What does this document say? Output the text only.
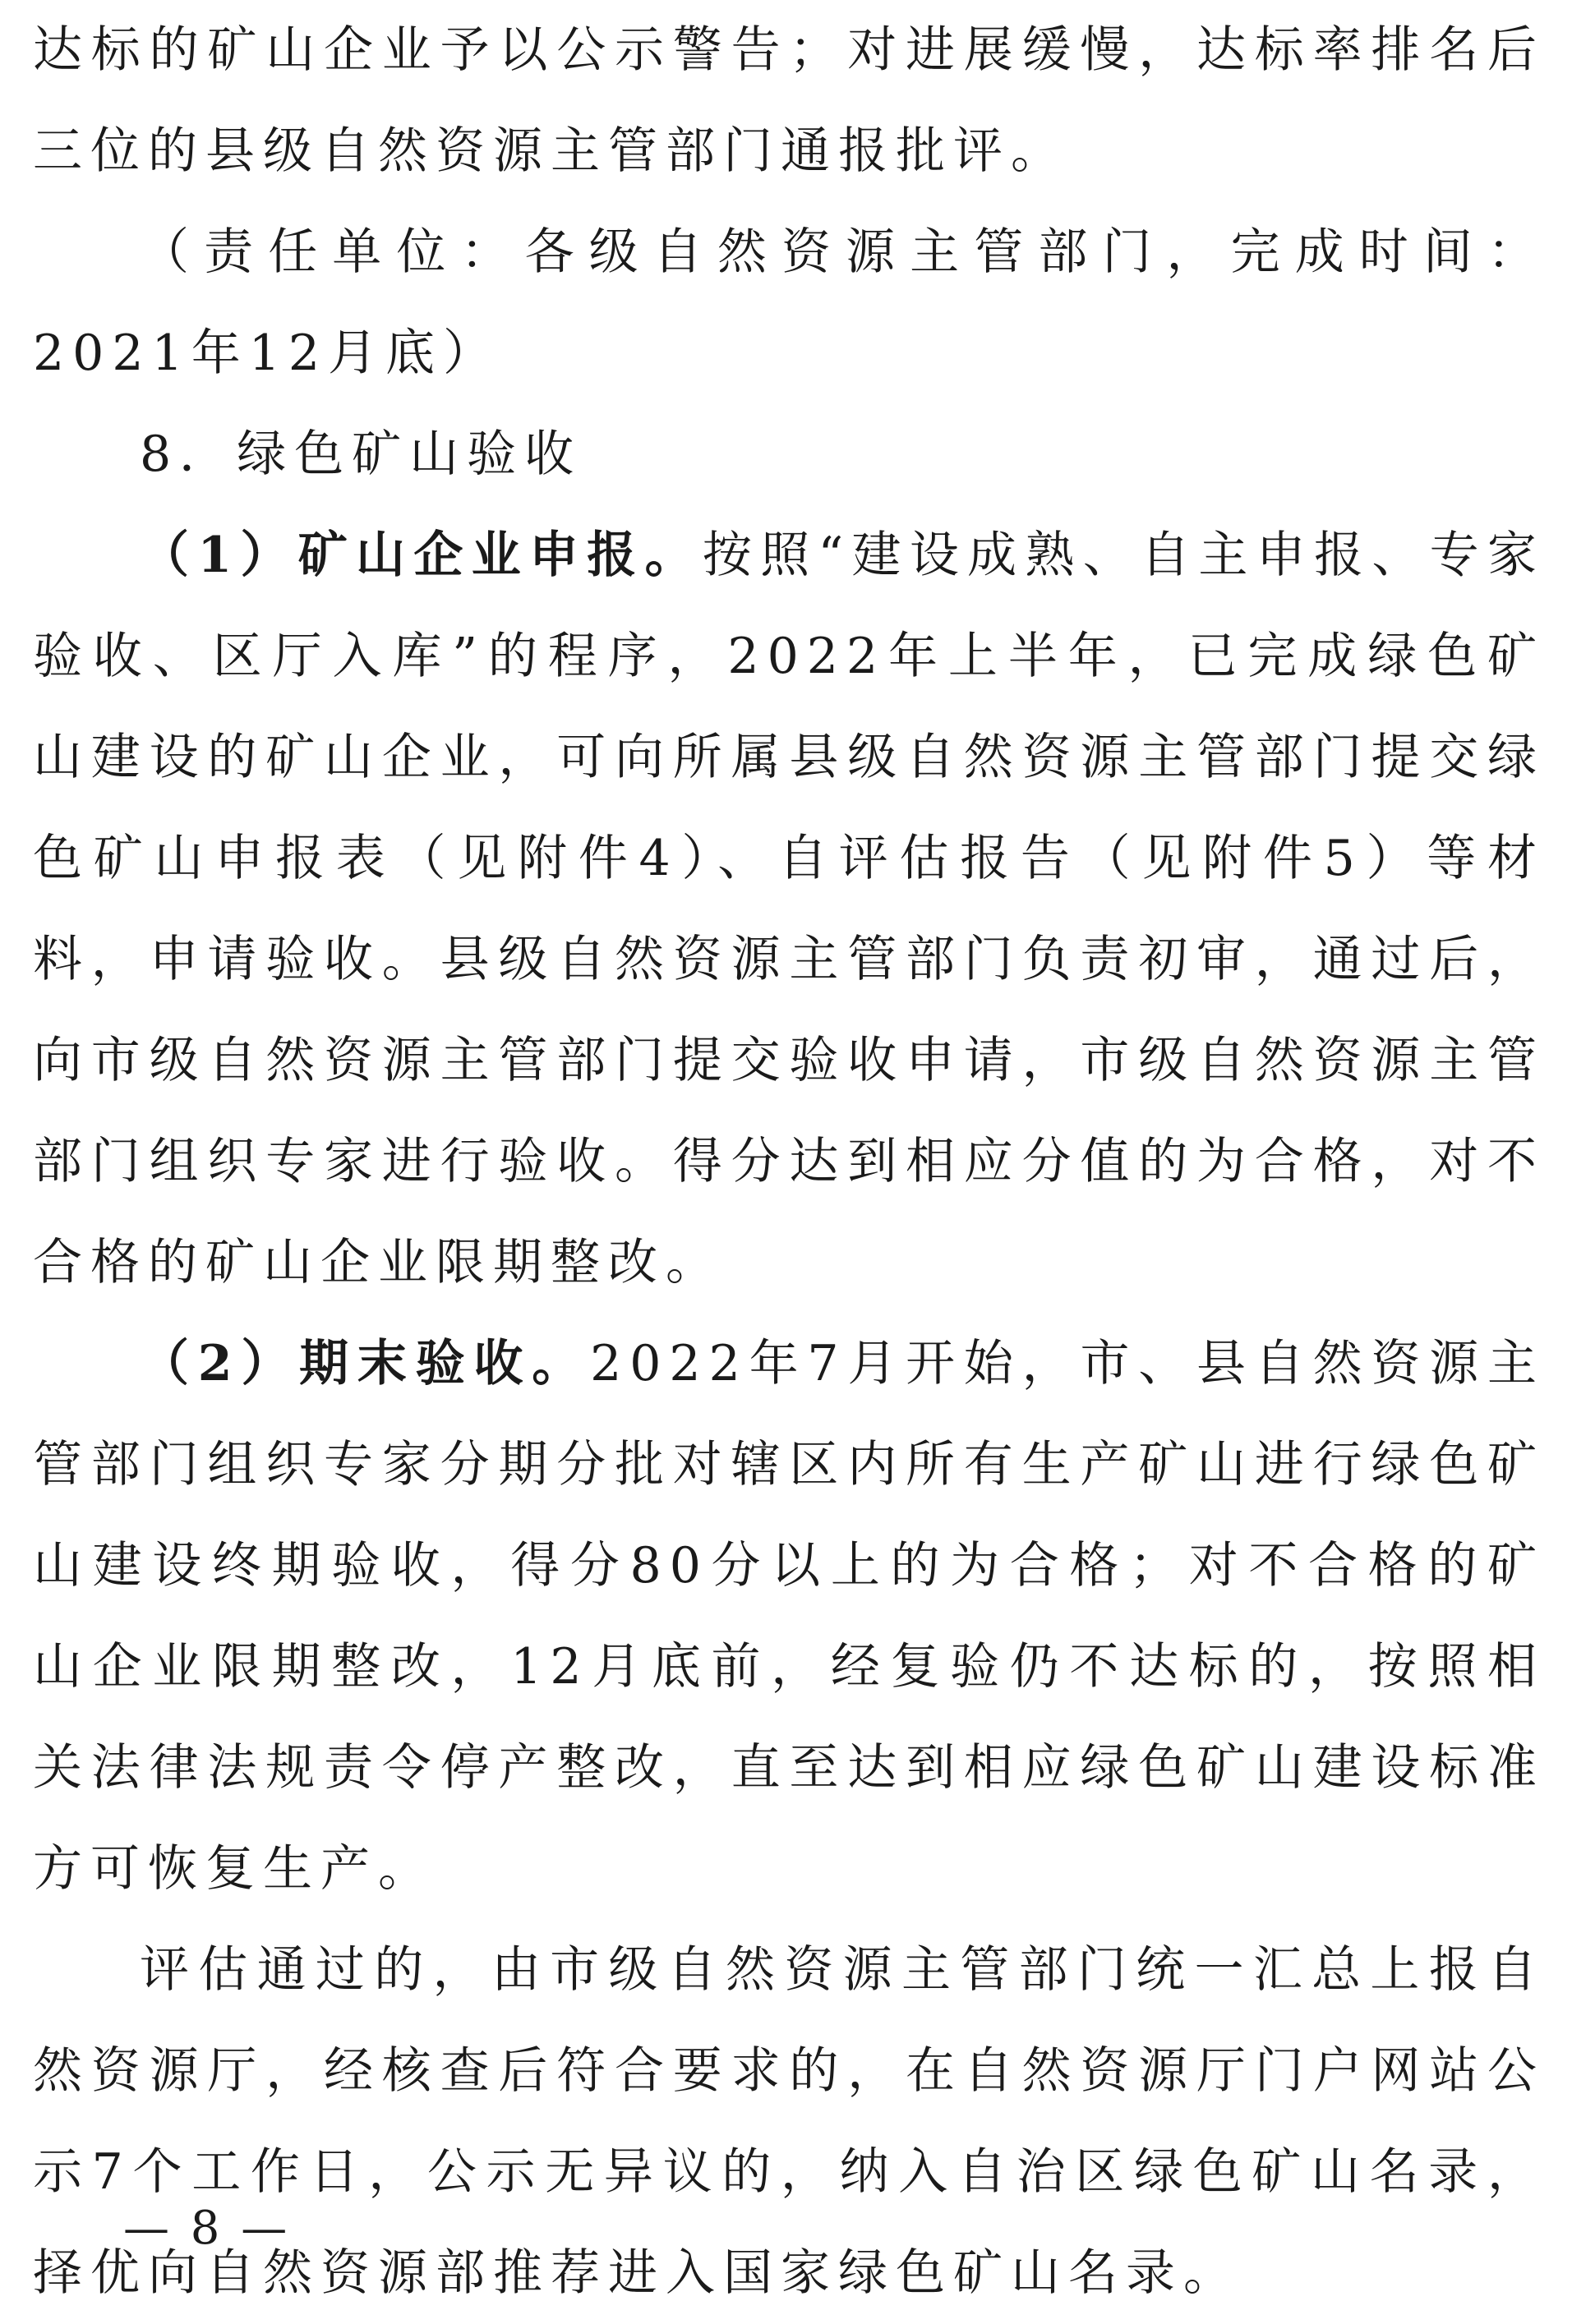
达标的矿山企业予以公示警告；对进展缓慢，达标率排名后三位的县级自然资源主管部门通报批评。

（责任单位：各级自然资源主管部门，完成时间：2021年12月底）

8．绿色矿山验收

（1）矿山企业申报。按照“建设成熟、自主申报、专家验收、区厅入库”的程序，2022年上半年，已完成绿色矿山建设的矿山企业，可向所属县级自然资源主管部门提交绿色矿山申报表（见附件4）、自评估报告（见附件5）等材料，申请验收。县级自然资源主管部门负责初审，通过后，向市级自然资源主管部门提交验收申请，市级自然资源主管部门组织专家进行验收。得分达到相应分值的为合格，对不合格的矿山企业限期整改。

（2）期末验收。2022年7月开始，市、县自然资源主管部门组织专家分期分批对辖区内所有生产矿山进行绿色矿山建设终期验收，得分80分以上的为合格；对不合格的矿山企业限期整改，12月底前，经复验仍不达标的，按照相关法律法规责令停产整改，直至达到相应绿色矿山建设标准方可恢复生产。

评估通过的，由市级自然资源主管部门统一汇总上报自然资源厅，经核查后符合要求的，在自然资源厅门户网站公示7个工作日，公示无异议的，纳入自治区绿色矿山名录，择优向自然资源部推荐进入国家绿色矿山名录。

— 8 —
